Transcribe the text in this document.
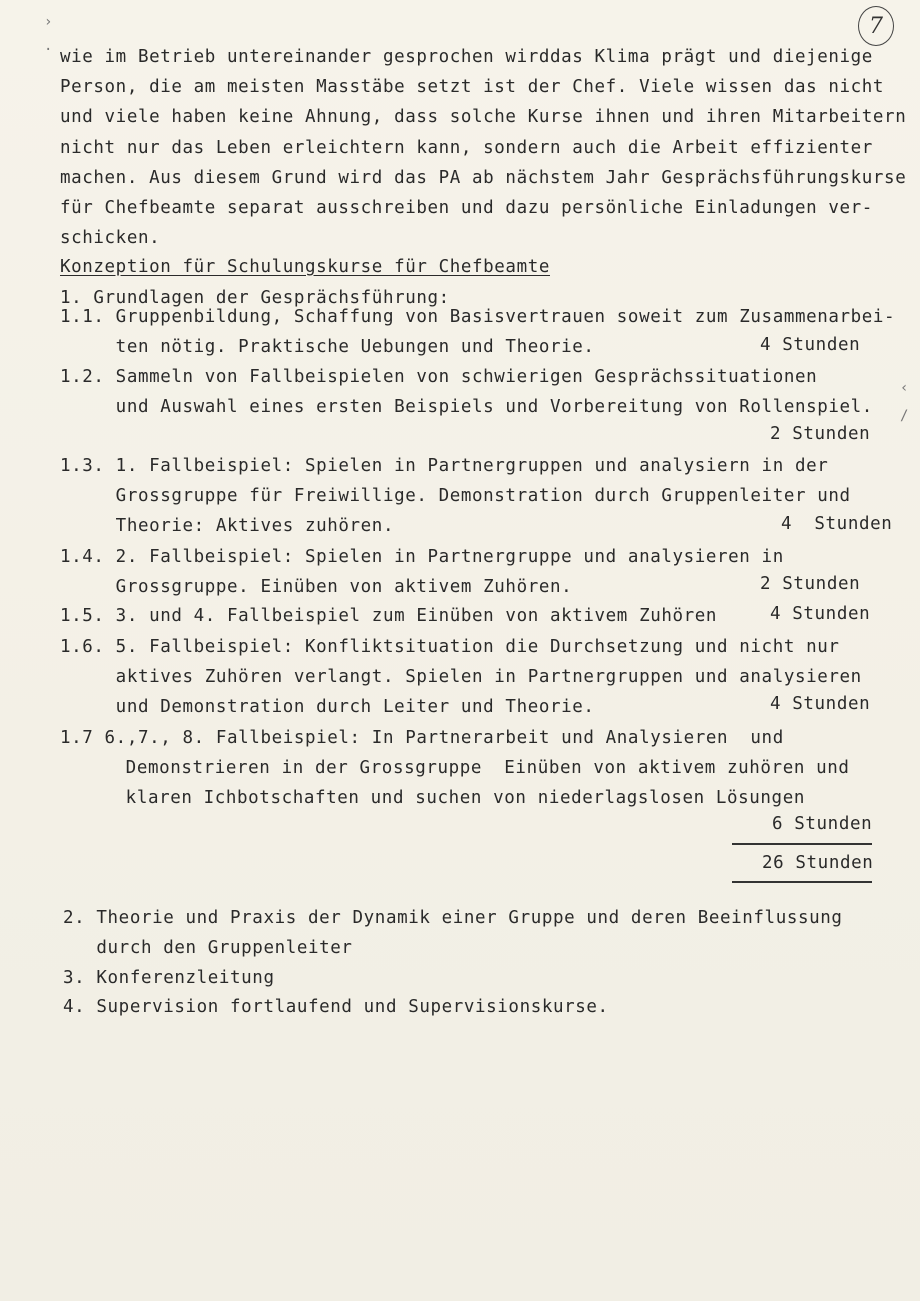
7
›
·
‹
/
wie im Betrieb untereinander gesprochen wirddas Klima prägt und diejenige
Person, die am meisten Masstäbe setzt ist der Chef. Viele wissen das nicht
und viele haben keine Ahnung, dass solche Kurse ihnen und ihren Mitarbeitern
nicht nur das Leben erleichtern kann, sondern auch die Arbeit effizienter
machen. Aus diesem Grund wird das PA ab nächstem Jahr Gesprächsführungskurse
für Chefbeamte separat ausschreiben und dazu persönliche Einladungen ver-
schicken.
Konzeption für Schulungskurse für Chefbeamte
1. Grundlagen der Gesprächsführung:
1.1. Gruppenbildung, Schaffung von Basisvertrauen soweit zum Zusammenarbei-
ten nötig. Praktische Uebungen und Theorie.	4 Stunden
1.2. Sammeln von Fallbeispielen von schwierigen Gesprächssituationen
und Auswahl eines ersten Beispiels und Vorbereitung von Rollenspiel.
2 Stunden
1.3. 1. Fallbeispiel: Spielen in Partnergruppen und analysiern in der
Grossgruppe für Freiwillige. Demonstration durch Gruppenleiter und
Theorie: Aktives zuhören.	4  Stunden
1.4. 2. Fallbeispiel: Spielen in Partnergruppe und analysieren in
Grossgruppe. Einüben von aktivem Zuhören.	2 Stunden
1.5. 3. und 4. Fallbeispiel zum Einüben von aktivem Zuhören	4 Stunden
1.6. 5. Fallbeispiel: Konfliktsituation die Durchsetzung und nicht nur
aktives Zuhören verlangt. Spielen in Partnergruppen und analysieren
und Demonstration durch Leiter und Theorie.	4 Stunden
1.7 6.,7., 8. Fallbeispiel: In Partnerarbeit und Analysieren  und
Demonstrieren in der Grossgruppe  Einüben von aktivem zuhören und
klaren Ichbotschaften und suchen von niederlagslosen Lösungen
6 Stunden
26 Stunden
2. Theorie und Praxis der Dynamik einer Gruppe und deren Beeinflussung
durch den Gruppenleiter
3. Konferenzleitung
4. Supervision fortlaufend und Supervisionskurse.
